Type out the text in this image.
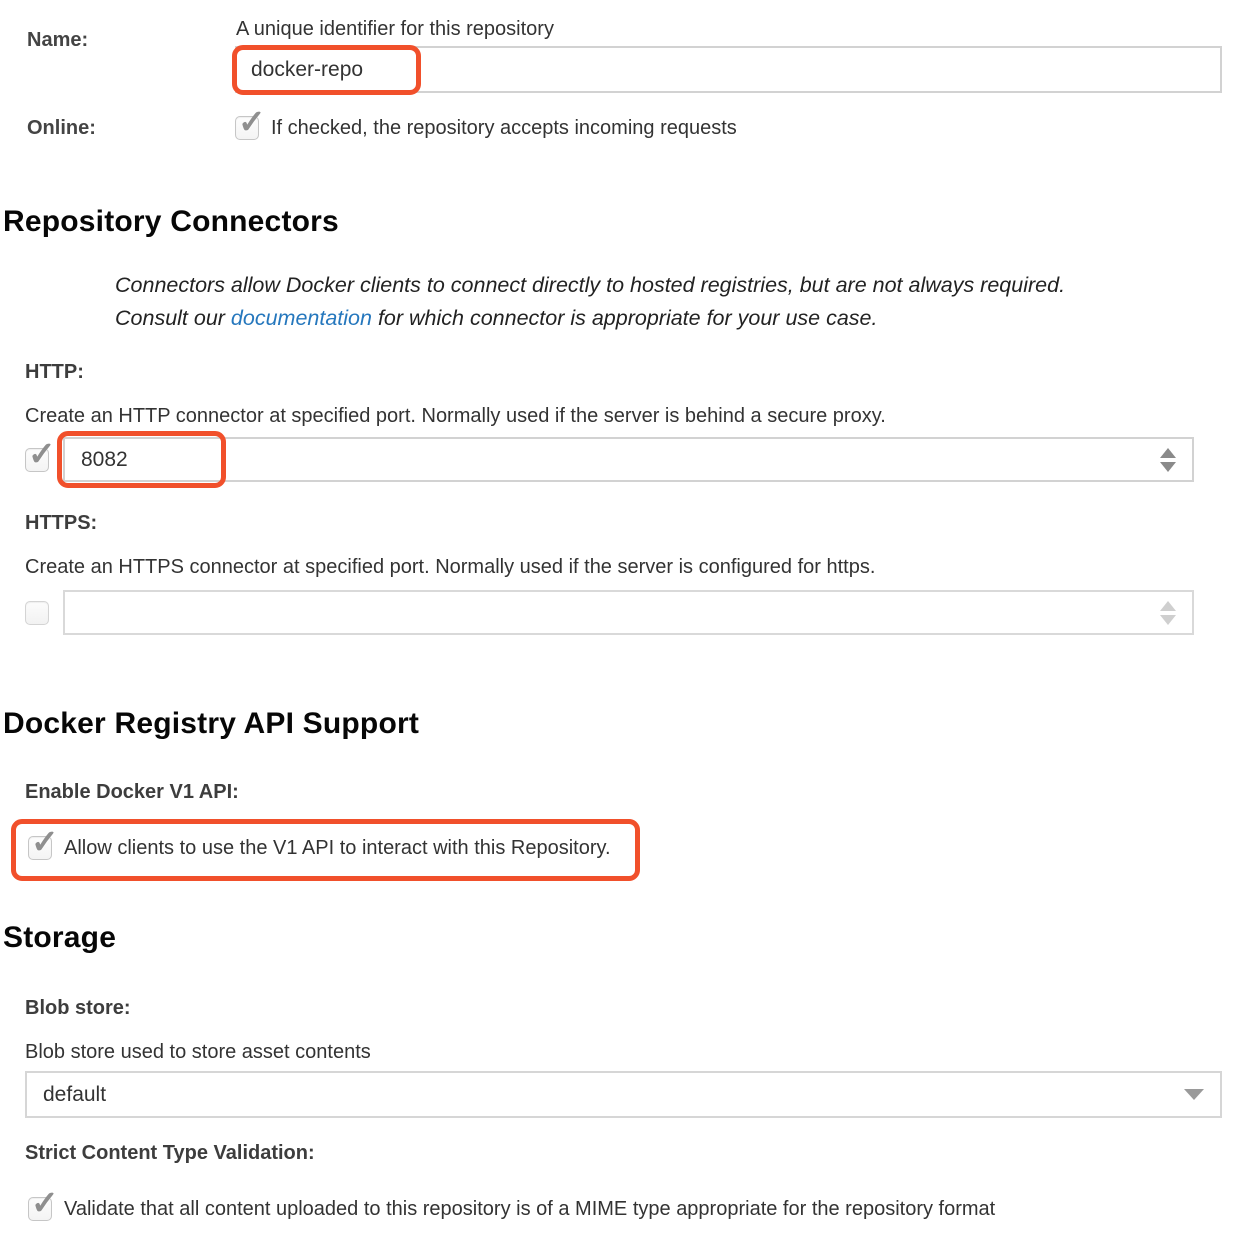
Name:	A unique identifier for this repository
docker-repo
Online:	If checked, the repository accepts incoming requests
Repository Connectors

Connectors allow Docker clients to connect directly to hosted registries, but are not always required. Consult our documentation for which connector is appropriate for your use case.

HTTP:
Create an HTTP connector at specified port. Normally used if the server is behind a secure proxy.
8082
HTTPS:
Create an HTTPS connector at specified port. Normally used if the server is configured for https.
Docker Registry API Support
Enable Docker V1 API:
Allow clients to use the V1 API to interact with this Repository.
Storage
Blob store:
Blob store used to store asset contents
default
Strict Content Type Validation:
Validate that all content uploaded to this repository is of a MIME type appropriate for the repository format
